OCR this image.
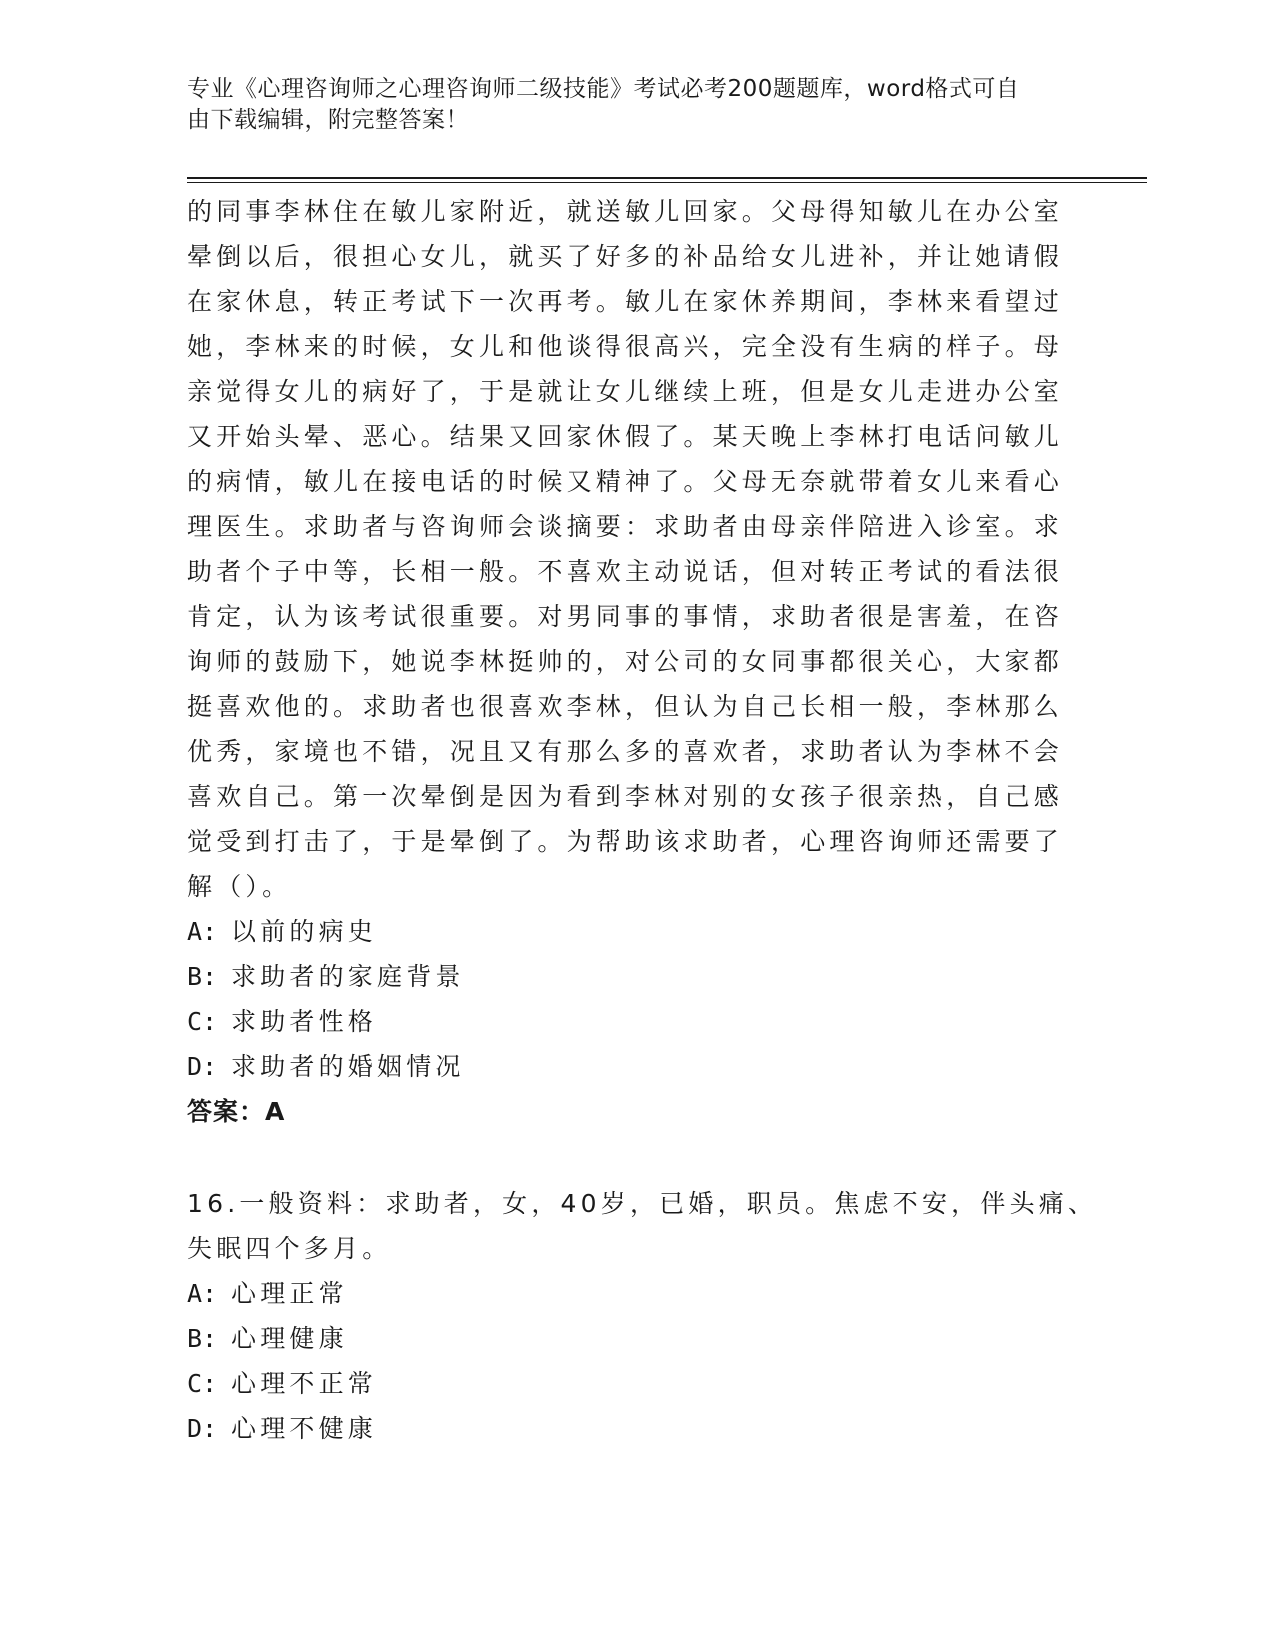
专业《心理咨询师之心理咨询师二级技能》考试必考200题题库，word格式可自
由下载编辑，附完整答案！
的同事李林住在敏儿家附近，就送敏儿回家。父母得知敏儿在办公室
晕倒以后，很担心女儿，就买了好多的补品给女儿进补，并让她请假
在家休息，转正考试下一次再考。敏儿在家休养期间，李林来看望过
她，李林来的时候，女儿和他谈得很高兴，完全没有生病的样子。母
亲觉得女儿的病好了，于是就让女儿继续上班，但是女儿走进办公室
又开始头晕、恶心。结果又回家休假了。某天晚上李林打电话问敏儿
的病情，敏儿在接电话的时候又精神了。父母无奈就带着女儿来看心
理医生。求助者与咨询师会谈摘要：求助者由母亲伴陪进入诊室。求
助者个子中等，长相一般。不喜欢主动说话，但对转正考试的看法很
肯定，认为该考试很重要。对男同事的事情，求助者很是害羞，在咨
询师的鼓励下，她说李林挺帅的，对公司的女同事都很关心，大家都
挺喜欢他的。求助者也很喜欢李林，但认为自己长相一般，李林那么
优秀，家境也不错，况且又有那么多的喜欢者，求助者认为李林不会
喜欢自己。第一次晕倒是因为看到李林对别的女孩子很亲热，自己感
觉受到打击了，于是晕倒了。为帮助该求助者，心理咨询师还需要了
解（）。
A: 以前的病史
B: 求助者的家庭背景
C: 求助者性格
D: 求助者的婚姻情况
答案：A
16.一般资料：求助者，女，40岁，已婚，职员。焦虑不安，伴头痛、
失眠四个多月。
A: 心理正常
B: 心理健康
C: 心理不正常
D: 心理不健康
